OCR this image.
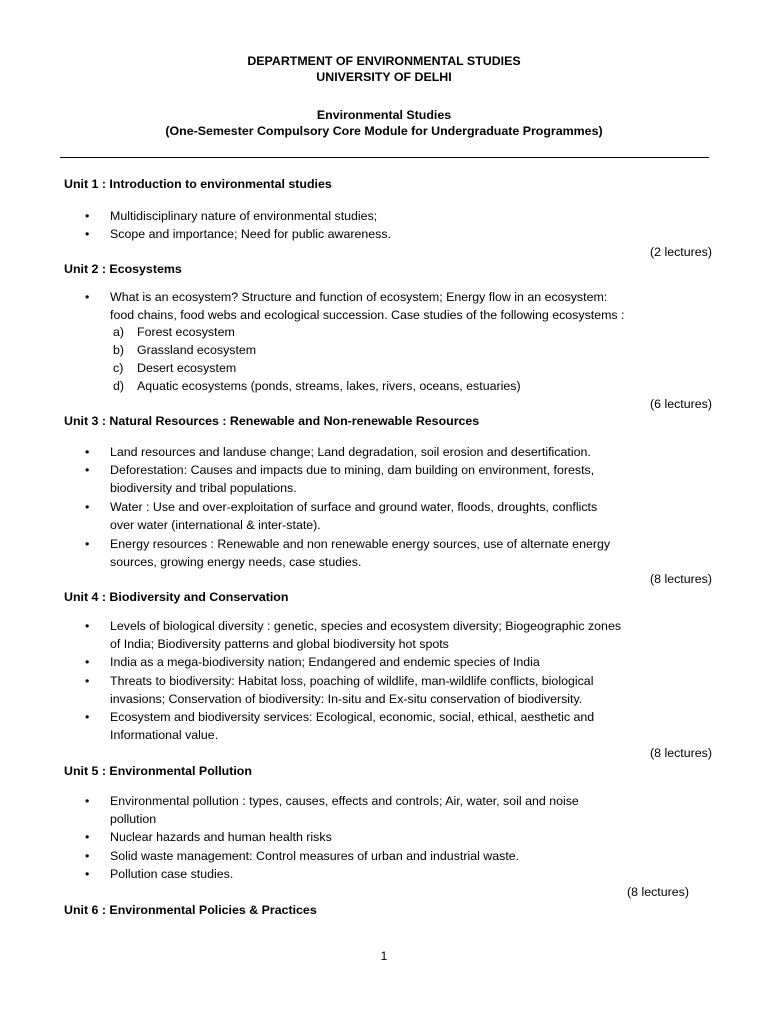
DEPARTMENT OF ENVIRONMENTAL STUDIES
UNIVERSITY OF DELHI
Environmental Studies
(One-Semester Compulsory Core Module for Undergraduate Programmes)
Unit 1 : Introduction to environmental studies
• Multidisciplinary nature of environmental studies;
• Scope and importance; Need for public awareness.
(2 lectures)
Unit 2 : Ecosystems
• What is an ecosystem? Structure and function of ecosystem; Energy flow in an ecosystem:
food chains, food webs and ecological succession. Case studies of the following ecosystems :
a) Forest ecosystem
b) Grassland ecosystem
c) Desert ecosystem
d) Aquatic ecosystems (ponds, streams, lakes, rivers, oceans, estuaries)
(6 lectures)
Unit 3 : Natural Resources : Renewable and Non-renewable Resources
• Land resources and landuse change; Land degradation, soil erosion and desertification.
• Deforestation: Causes and impacts due to mining, dam building on environment, forests,
biodiversity and tribal populations.
• Water : Use and over-exploitation of surface and ground water, floods, droughts, conflicts
over water (international & inter-state).
• Energy resources : Renewable and non renewable energy sources, use of alternate energy
sources, growing energy needs, case studies.
(8 lectures)
Unit 4 : Biodiversity and Conservation
• Levels of biological diversity : genetic, species and ecosystem diversity; Biogeographic zones
of India; Biodiversity patterns and global biodiversity hot spots
• India as a mega-biodiversity nation; Endangered and endemic species of India
• Threats to biodiversity: Habitat loss, poaching of wildlife, man-wildlife conflicts, biological
invasions; Conservation of biodiversity: In-situ and Ex-situ conservation of biodiversity.
• Ecosystem and biodiversity services: Ecological, economic, social, ethical, aesthetic and
Informational value.
(8 lectures)
Unit 5 : Environmental Pollution
• Environmental pollution : types, causes, effects and controls; Air, water, soil and noise
pollution
• Nuclear hazards and human health risks
• Solid waste management: Control measures of urban and industrial waste.
• Pollution case studies.
(8 lectures)
Unit 6 : Environmental Policies & Practices
1
